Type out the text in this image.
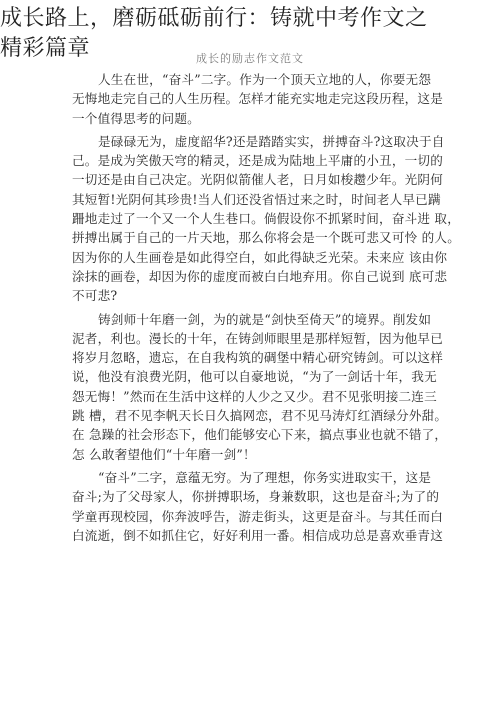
成长路上，磨砺砥砺前行：铸就中考作文之
精彩篇章	成长的励志作文范文
人生在世，“奋斗”二字。作为一个顶天立地的人，你要无怨
无悔地走完自己的人生历程。怎样才能充实地走完这段历程，这是
一个值得思考的问题。
是碌碌无为，虚度韶华?还是踏踏实实，拼搏奋斗?这取决于自
己。是成为笑傲天穹的精灵，还是成为陆地上平庸的小丑，一切的
一切还是由自己决定。光阴似箭催人老，日月如梭趱少年。光阴何
其短暂!光阴何其珍贵!当人们还没省悟过来之时，时间老人早已蹒
跚地走过了一个又一个人生巷口。倘假设你不抓紧时间，奋斗进 取，
拼搏出属于自己的一片天地，那么你将会是一个既可悲又可怜 的人。
因为你的人生画卷是如此得空白，如此得缺乏光荣。未来应 该由你
涂抹的画卷，却因为你的虚度而被白白地弃用。你自己说到 底可悲
不可悲?
铸剑师十年磨一剑，为的就是“剑快至倚天”的境界。削发如
泥者，利也。漫长的十年，在铸剑师眼里是那样短暂，因为他早已
将岁月忽略，遗忘，在自我构筑的碉堡中精心研究铸剑。可以这样
说，他没有浪费光阴，他可以自豪地说，“为了一剑话十年，我无
怨无悔！”然而在生活中这样的人少之又少。君不见张明接二连三
跳 槽，君不见李帆天长日久搞网恋，君不见马涛灯红酒绿分外甜。
在 急躁的社会形态下，他们能够安心下来，搞点事业也就不错了，
怎 么敢奢望他们“十年磨一剑”！
“奋斗”二字，意蕴无穷。为了理想，你务实进取实干，这是
奋斗;为了父母家人，你拼搏职场，身兼数职，这也是奋斗;为了的
学童再现校园，你奔波呼告，游走街头，这更是奋斗。与其任而白
白流逝，倒不如抓住它，好好利用一番。相信成功总是喜欢垂青这
